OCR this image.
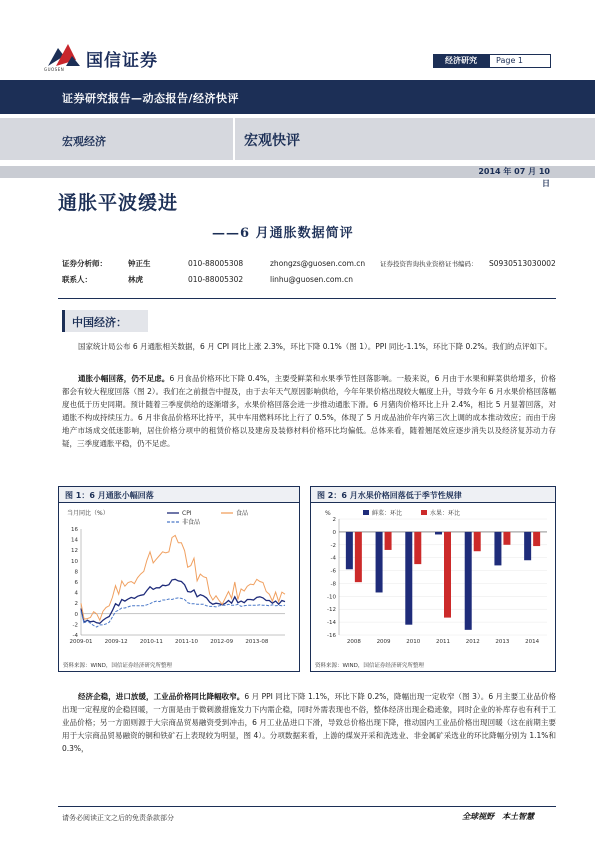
国信证券
GUOSEN
经济研究	Page 1
证券研究报告—动态报告/经济快评
宏观经济	宏观快评
2014 年 07 月 10 日
通胀平波缓进
——6 月通胀数据简评
证券分析师：	钟正生	010-88005308	zhongzs@guosen.com.cn 证券投资咨询执业资格证书编码： S0930513030002
联系人：	林虎	010-88005302	linhu@guosen.com.cn
中国经济：
国家统计局公布 6 月通胀相关数据，6 月 CPI 同比上涨 2.3%，环比下降 0.1%（图 1）。PPI 同比-1.1%，环比下降 0.2%。我们的点评如下。
通胀小幅回落，仍不足虑。6 月食品价格环比下降 0.4%，主要受鲜菜和水果季节性回落影响。一般来说，6 月由于水果和鲜菜供给增多，价格都会有较大程度回落（图 2）。我们在之前报告中提及，由于去年天气原因影响供给，今年年果价格出现较大幅度上升，导致今年 6 月水果价格回落幅度也低于历史同期。预计随着三季度供给的逐渐增多，水果价格回落会进一步推动通胀下滑。6 月猪肉价格环比上升 2.4%，相比 5 月显著回落，对通胀不构成持续压力。6 月非食品价格环比持平，其中车用燃料环比上行了 0.5%，体现了 5 月成品油价年内第三次上调的成本推动效应；而由于房地产市场成交低迷影响，居住价格分项中的租赁价格以及建房及装修材料价格环比均偏低。总体来看，随着翘尾效应逐步消失以及经济复苏动力存疑，三季度通胀平稳，仍不足虑。
图 1：6 月通胀小幅回落
当月同比（%）
-4
-2
0
2
4
6
8
10
12
14
16
2009-01 2009-12 2010-11 2011-10 2012-09 2013-08
CPI	食品
非食品
资料来源：WIND，国信证券经济研究所整理
图 2：6 月水果价格回落低于季节性规律
%
2
0
-2
-4
-6
-8
-10
-12
-14
-16
2008	2009	2010	2011	2012	2013	2014
鲜菜：环比	水果：环比
资料来源：WIND，国信证券经济研究所整理
经济企稳，进口放缓，工业品价格同比降幅收窄。6 月 PPI 同比下降 1.1%，环比下降 0.2%，降幅出现一定收窄（图 3）。6 月主要工业品价格出现一定程度的企稳回暖，一方面是由于微刺激措施发力下内需企稳，同时外需表现也不俗，整体经济出现企稳迹象，同时企业的补库存也有利于工业品价格；另一方面则源于大宗商品贸易融资受到冲击，6 月工业品进口下滑，导致总价格出现下降，推动国内工业品价格出现回暖（这在前期主要用于大宗商品贸易融资的铜和铁矿石上表现较为明显，图 4）。分项数据来看，上游的煤炭开采和洗选业、非金属矿采选业的环比降幅分别为 1.1%和 0.3%，
请务必阅读正文之后的免责条款部分	全球视野　本土智慧
